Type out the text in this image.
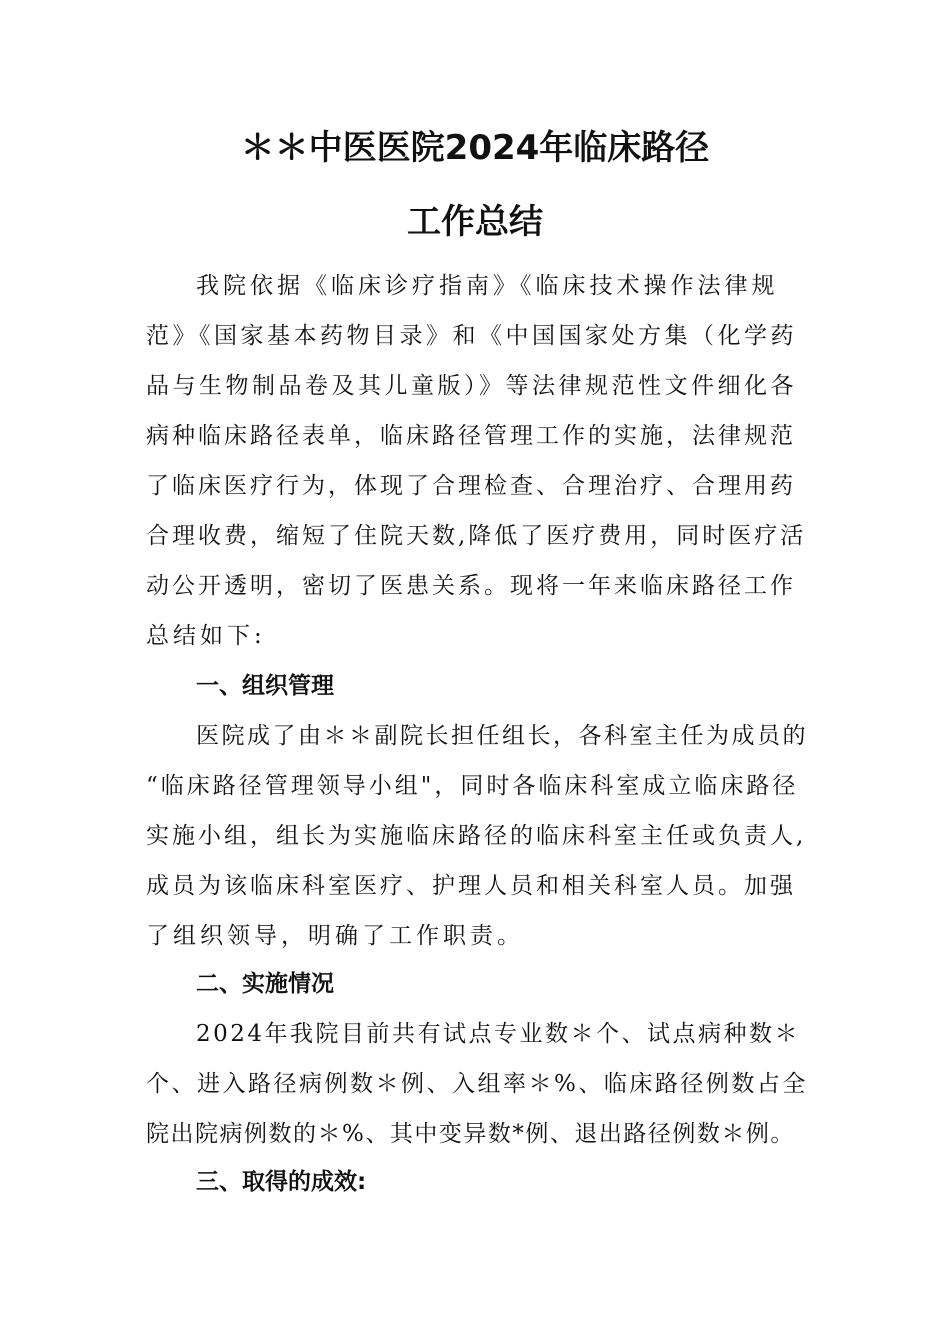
＊＊中医医院2024年临床路径
工作总结
我院依据《临床诊疗指南》《临床技术操作法律规
范》《国家基本药物目录》和《中国国家处方集（化学药
品与生物制品卷及其儿童版）》等法律规范性文件细化各
病种临床路径表单，临床路径管理工作的实施，法律规范
了临床医疗行为，体现了合理检查、合理治疗、合理用药
合理收费，缩短了住院天数,降低了医疗费用，同时医疗活
动公开透明，密切了医患关系。现将一年来临床路径工作
总结如下:
一、组织管理
医院成了由＊＊副院长担任组长，各科室主任为成员的
“临床路径管理领导小组"，同时各临床科室成立临床路径
实施小组，组长为实施临床路径的临床科室主任或负责人,
成员为该临床科室医疗、护理人员和相关科室人员。加强
了组织领导，明确了工作职责。
二、实施情况
2024年我院目前共有试点专业数＊个、试点病种数＊
个、进入路径病例数＊例、入组率＊%、临床路径例数占全
院出院病例数的＊%、其中变异数*例、退出路径例数＊例。
三、取得的成效:
